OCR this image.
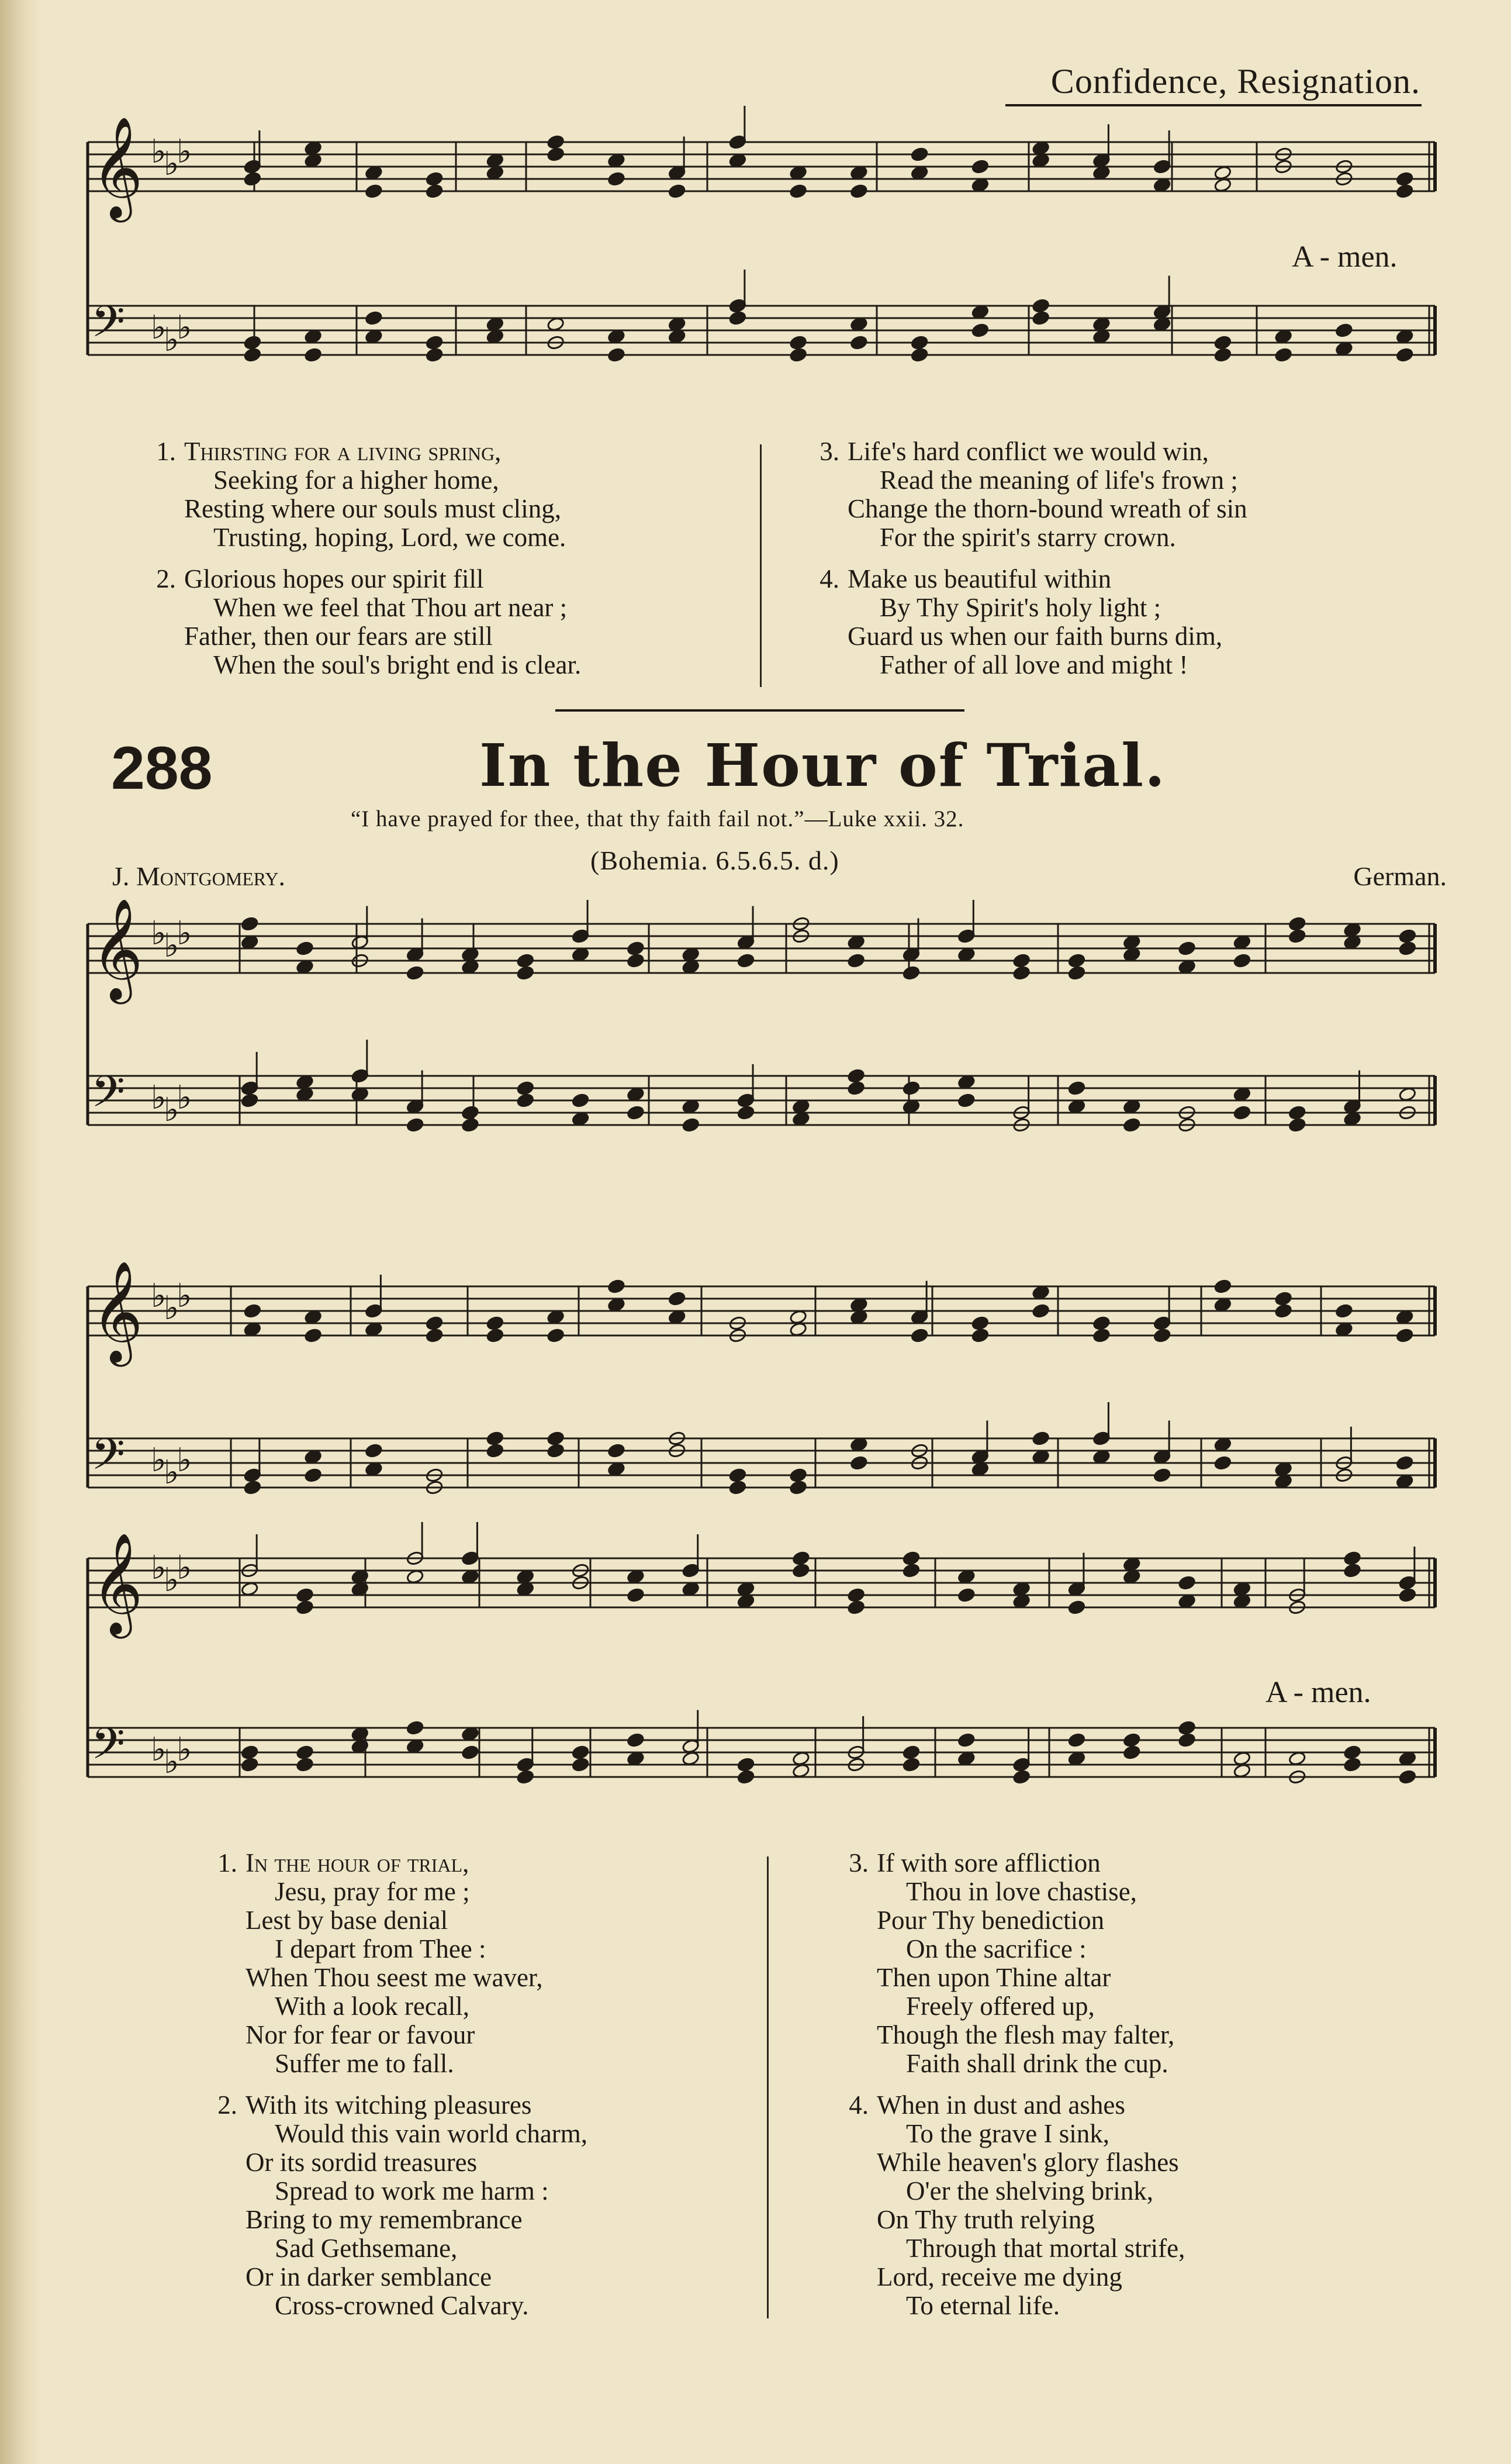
Confidence, Resignation.
𝄞 ♭
♭
♭
𝄢 ♭
♭
♭
𝄞 ♭
♭
♭
𝄢 ♭
♭
♭
𝄞 ♭
♭
♭
𝄢 ♭
♭
♭
𝄞 ♭
♭
♭
𝄢 ♭
♭
♭
A - men.
1. Thirsting for a living spring,
Seeking for a higher home,
Resting where our souls must cling,
Trusting, hoping, Lord, we come.
2. Glorious hopes our spirit fill
When we feel that Thou art near ;
Father, then our fears are still
When the soul's bright end is clear.
3. Life's hard conflict we would win,
Read the meaning of life's frown ;
Change the thorn-bound wreath of sin
For the spirit's starry crown.
4. Make us beautiful within
By Thy Spirit's holy light ;
Guard us when our faith burns dim,
Father of all love and might !
288	In the Hour of Trial.
“I have prayed for thee, that thy faith fail not.”—Luke xxii. 32.
(Bohemia. 6.5.6.5. d.)
J. Montgomery.	German.
A - men.
1. In the hour of trial,
Jesu, pray for me ;
Lest by base denial
I depart from Thee :
When Thou seest me waver,
With a look recall,
Nor for fear or favour
Suffer me to fall.
2. With its witching pleasures
Would this vain world charm,
Or its sordid treasures
Spread to work me harm :
Bring to my remembrance
Sad Gethsemane,
Or in darker semblance
Cross-crowned Calvary.
3. If with sore affliction
Thou in love chastise,
Pour Thy benediction
On the sacrifice :
Then upon Thine altar
Freely offered up,
Though the flesh may falter,
Faith shall drink the cup.
4. When in dust and ashes
To the grave I sink,
While heaven's glory flashes
O'er the shelving brink,
On Thy truth relying
Through that mortal strife,
Lord, receive me dying
To eternal life.
